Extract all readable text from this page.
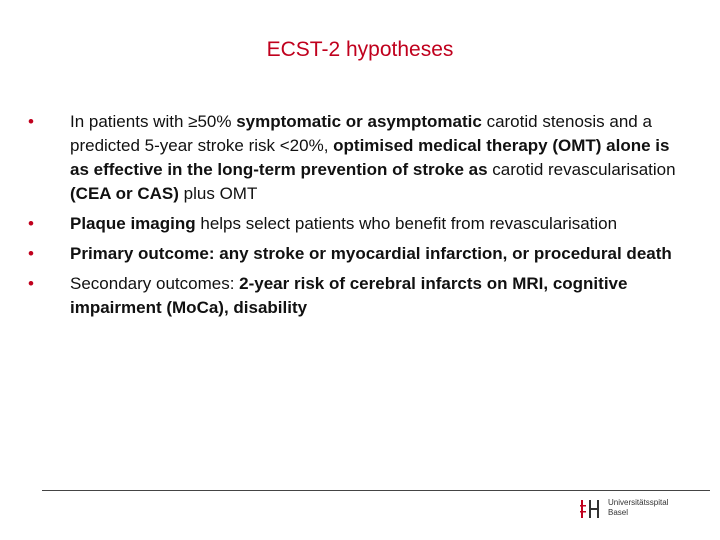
ECST-2 hypotheses
• In patients with ≥50% symptomatic or asymptomatic carotid stenosis and a predicted 5-year stroke risk <20%, optimised medical therapy (OMT) alone is as effective in the long-term prevention of stroke as carotid revascularisation (CEA or CAS) plus OMT
• Plaque imaging helps select patients who benefit from revascularisation
• Primary outcome: any stroke or myocardial infarction, or procedural death
• Secondary outcomes: 2-year risk of cerebral infarcts on MRI, cognitive impairment (MoCa), disability
Universitätsspital
Basel
